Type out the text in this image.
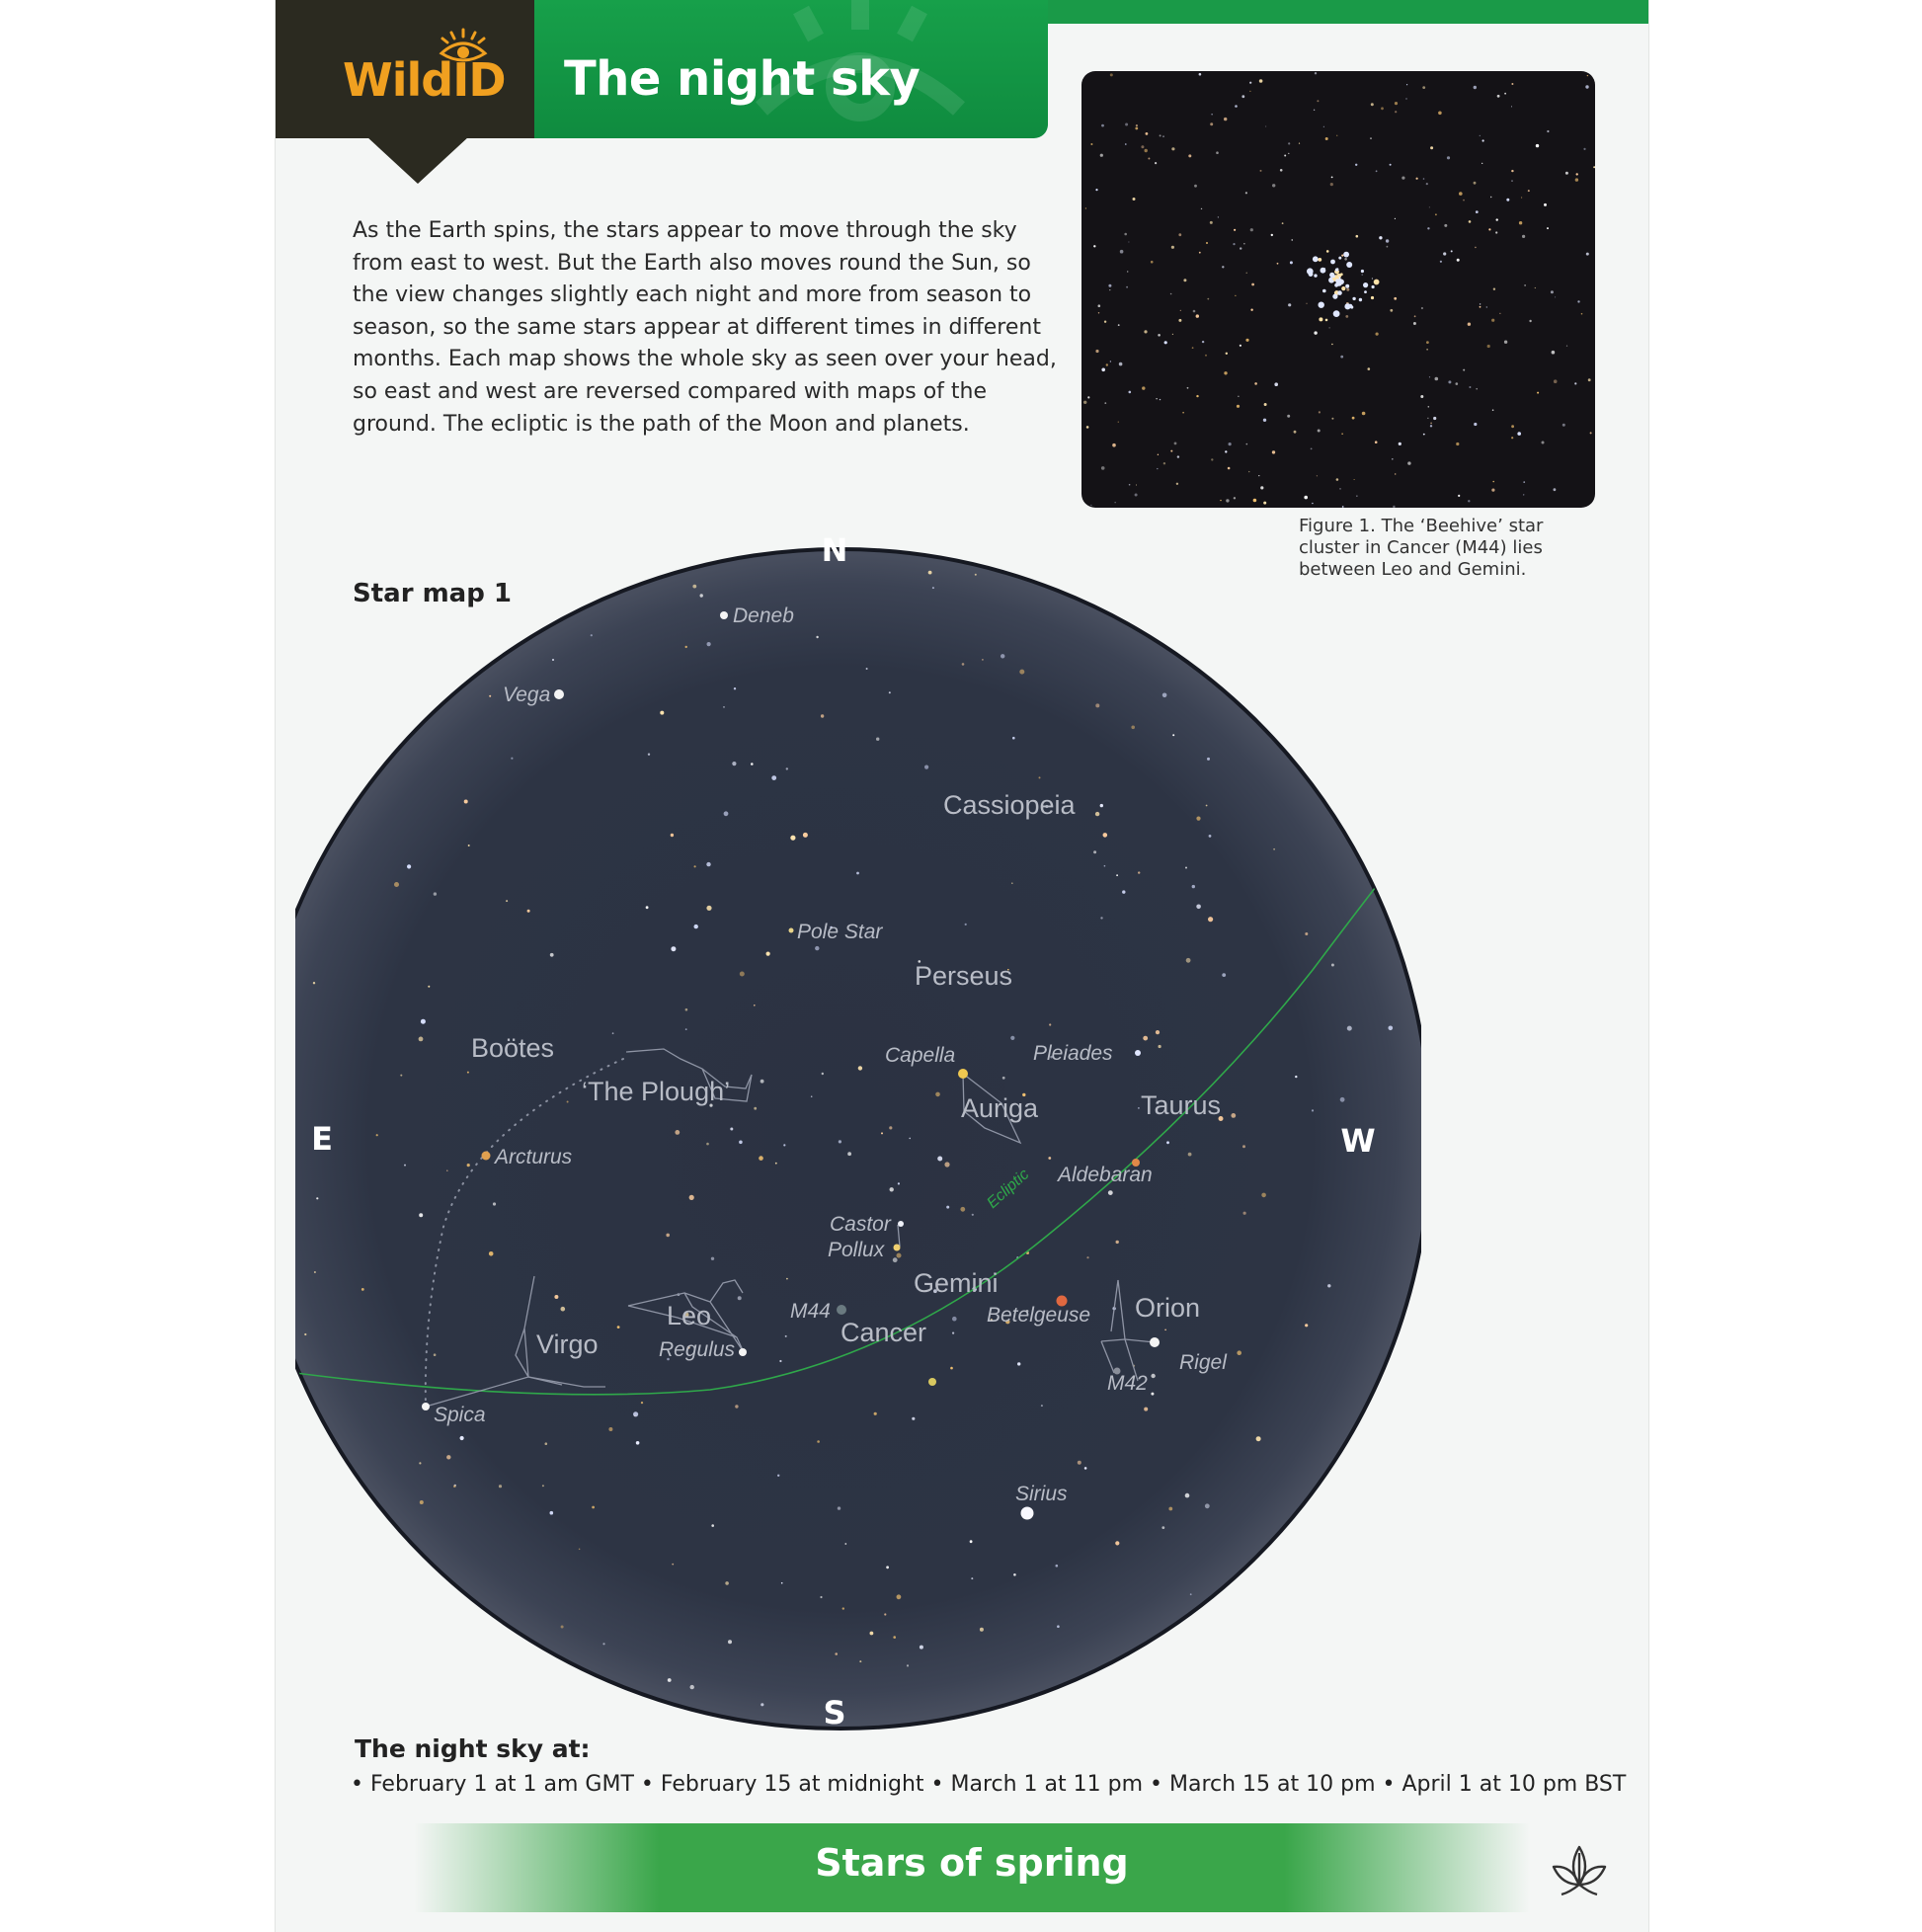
WildID The night sky
As the Earth spins, the stars appear to move through the sky from east to west. But the Earth also moves round the Sun, so the view changes slightly each night and more from season to season, so the same stars appear at different times in different months. Each map shows the whole sky as seen over your head, so east and west are reversed compared with maps of the ground. The ecliptic is the path of the Moon and planets.
Figure 1. The ‘Beehive’ star cluster in Cancer (M44) lies between Leo and Gemini.
Star map 1
N
S
E	W
Cassiopeia
Perseus
Boötes
‘The Plough’
Auriga	Taurus
Gemini
Orion
Cancer
Leo
Virgo
Deneb
Vega
Pole Star
Capella	Pleiades
Arcturus
Aldebaran
Castor
Pollux
M44	Betelgeuse
Regulus
Rigel
M42
Spica
Sirius
Ecliptic
The night sky at:
• February 1 at 1 am GMT • February 15 at midnight • March 1 at 11 pm • March 15 at 10 pm • April 1 at 10 pm BST
Stars of spring
